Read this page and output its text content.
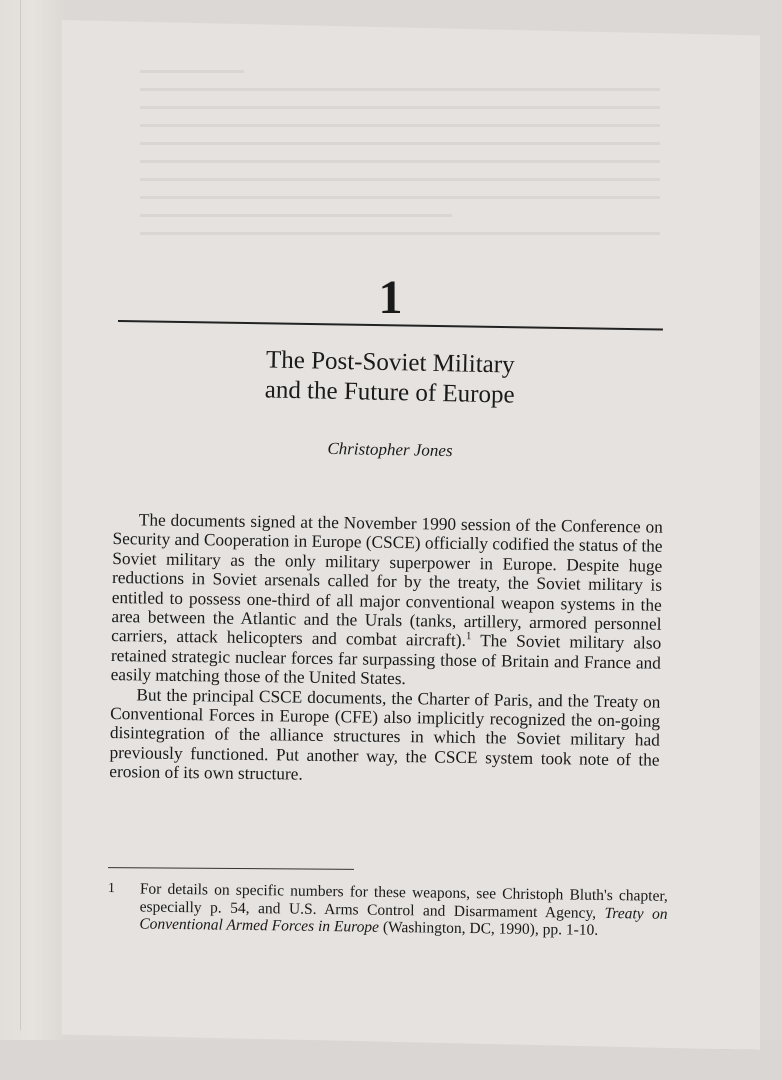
1
The Post-Soviet Military
and the Future of Europe
Christopher Jones

The documents signed at the November 1990 session of the Conference on Security and Cooperation in Europe (CSCE) officially codified the status of the Soviet military as the only military superpower in Europe. Despite huge reductions in Soviet arsenals called for by the treaty, the Soviet military is entitled to possess one-third of all major conventional weapon systems in the area between the Atlantic and the Urals (tanks, artillery, armored personnel carriers, attack helicopters and combat aircraft).$^1$ The Soviet military also retained strategic nuclear forces far surpassing those of Britain and France and easily matching those of the United States.

But the principal CSCE documents, the Charter of Paris, and the Treaty on Conventional Forces in Europe (CFE) also implicitly recognized the on-going disintegration of the alliance structures in which the Soviet military had previously functioned. Put another way, the CSCE system took note of the erosion of its own structure.

1	For details on specific numbers for these weapons, see Christoph Bluth's chapter, especially p. 54, and U.S. Arms Control and Disarmament Agency, Treaty on Conventional Armed Forces in Europe (Washington, DC, 1990), pp. 1-10.
